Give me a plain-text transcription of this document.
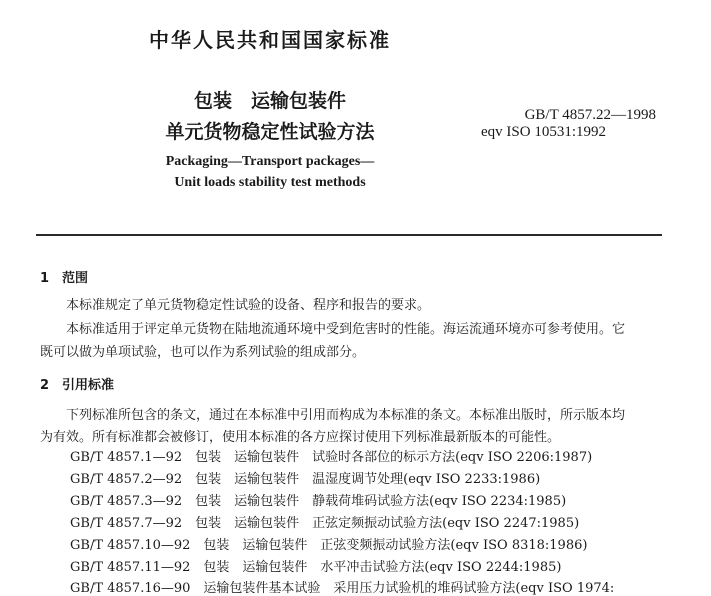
中华人民共和国国家标准
包装　运输包装件
单元货物稳定性试验方法
GB/T 4857.22—1998
eqv ISO 10531:1992
Packaging—Transport packages—
Unit loads stability test methods
1　范围
本标准规定了单元货物稳定性试验的设备、程序和报告的要求。
本标准适用于评定单元货物在陆地流通环境中受到危害时的性能。海运流通环境亦可参考使用。它
既可以做为单项试验，也可以作为系列试验的组成部分。
2　引用标准
下列标准所包含的条文，通过在本标准中引用而构成为本标准的条文。本标准出版时，所示版本均
为有效。所有标准都会被修订，使用本标准的各方应探讨使用下列标准最新版本的可能性。
GB/T 4857.1—92　包装　运输包装件　试验时各部位的标示方法(eqv ISO 2206:1987)
GB/T 4857.2—92　包装　运输包装件　温湿度调节处理(eqv ISO 2233:1986)
GB/T 4857.3—92　包装　运输包装件　静载荷堆码试验方法(eqv ISO 2234:1985)
GB/T 4857.7—92　包装　运输包装件　正弦定频振动试验方法(eqv ISO 2247:1985)
GB/T 4857.10—92　包装　运输包装件　正弦变频振动试验方法(eqv ISO 8318:1986)
GB/T 4857.11—92　包装　运输包装件　水平冲击试验方法(eqv ISO 2244:1985)
GB/T 4857.16—90　运输包装件基本试验　采用压力试验机的堆码试验方法(eqv ISO 1974:
